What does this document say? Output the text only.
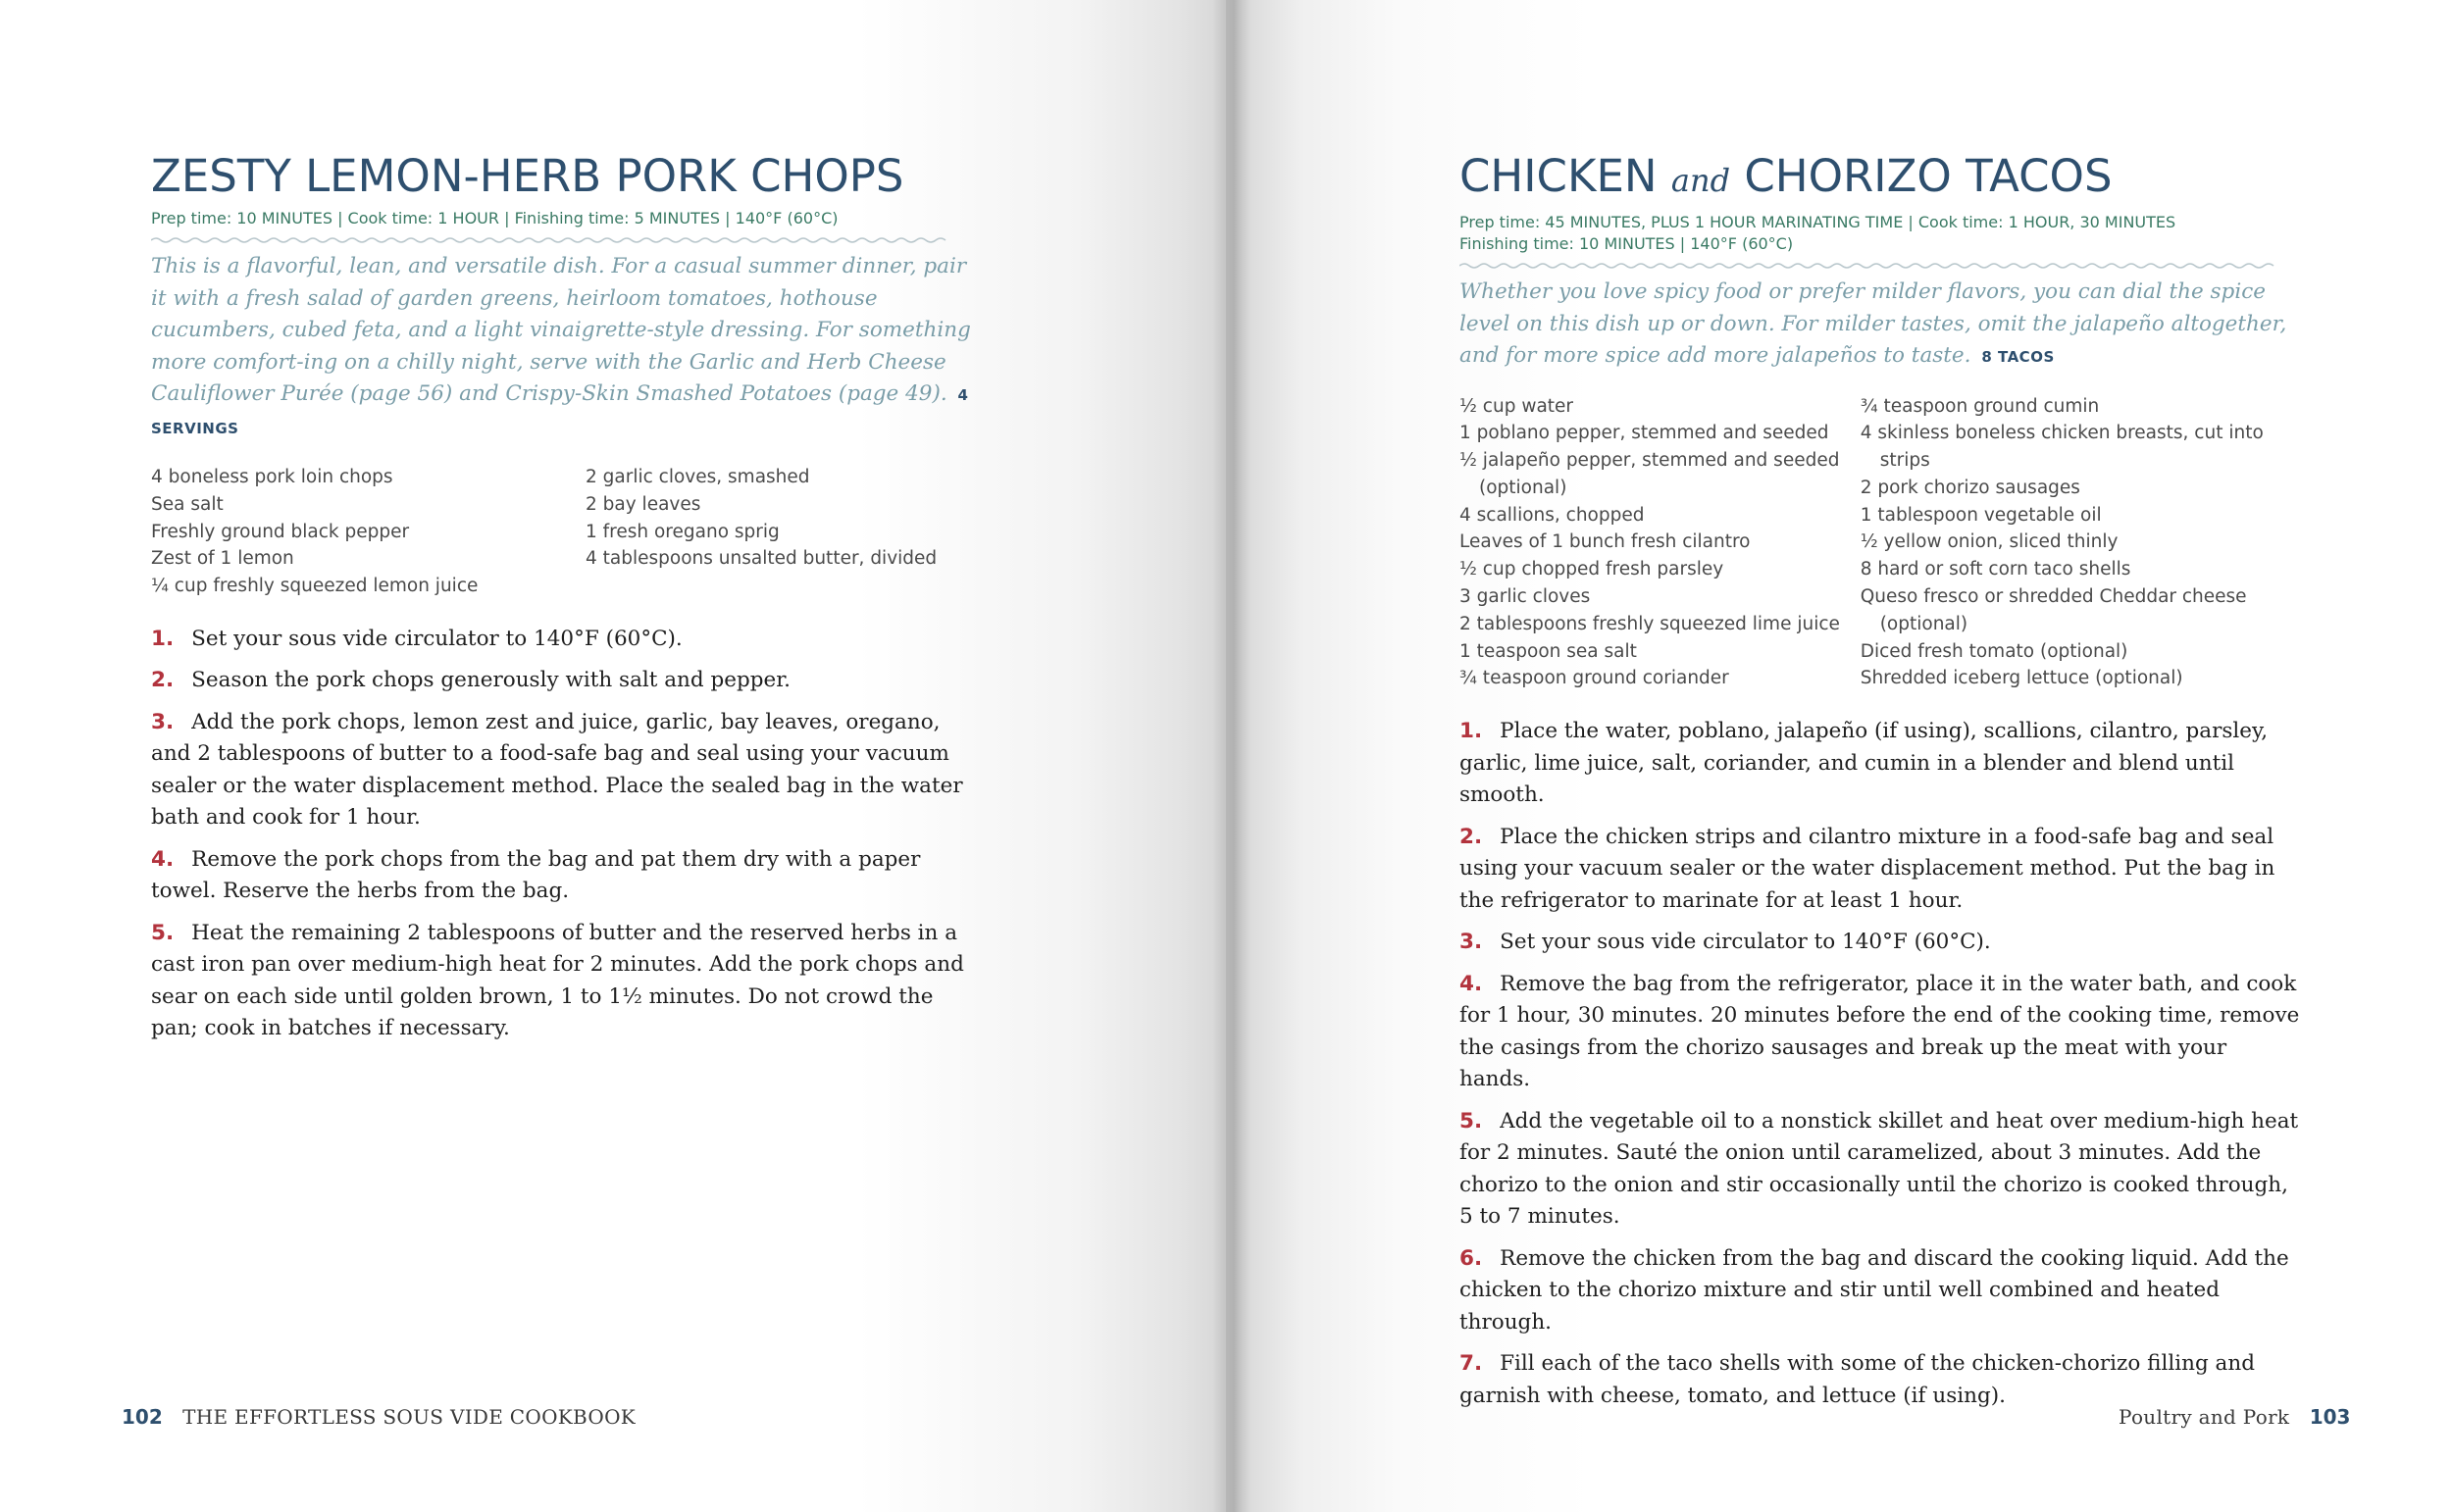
ZESTY LEMON-HERB PORK CHOPS
Prep time: 10 MINUTES | Cook time: 1 HOUR | Finishing time: 5 MINUTES | 140°F (60°C)
This is a flavorful, lean, and versatile dish. For a casual summer dinner, pair it with a fresh salad of garden greens, heirloom tomatoes, hothouse cucumbers, cubed feta, and a light vinaigrette-style dressing. For something more comfort-ing on a chilly night, serve with the Garlic and Herb Cheese Cauliflower Purée (page 56) and Crispy-Skin Smashed Potatoes (page 49). 4 SERVINGS
4 boneless pork loin chops
Sea salt
Freshly ground black pepper
Zest of 1 lemon
¼ cup freshly squeezed lemon juice
2 garlic cloves, smashed
2 bay leaves
1 fresh oregano sprig
4 tablespoons unsalted butter, divided
1. Set your sous vide circulator to 140°F (60°C).
2. Season the pork chops generously with salt and pepper.
3. Add the pork chops, lemon zest and juice, garlic, bay leaves, oregano, and 2 tablespoons of butter to a food-safe bag and seal using your vacuum sealer or the water displacement method. Place the sealed bag in the water bath and cook for 1 hour.
4. Remove the pork chops from the bag and pat them dry with a paper towel. Reserve the herbs from the bag.
5. Heat the remaining 2 tablespoons of butter and the reserved herbs in a cast iron pan over medium-high heat for 2 minutes. Add the pork chops and sear on each side until golden brown, 1 to 1½ minutes. Do not crowd the pan; cook in batches if necessary.
102 THE EFFORTLESS SOUS VIDE COOKBOOK
CHICKEN and CHORIZO TACOS
Prep time: 45 MINUTES, PLUS 1 HOUR MARINATING TIME | Cook time: 1 HOUR, 30 MINUTES
Finishing time: 10 MINUTES | 140°F (60°C)
Whether you love spicy food or prefer milder flavors, you can dial the spice level on this dish up or down. For milder tastes, omit the jalapeño altogether, and for more spice add more jalapeños to taste. 8 TACOS
½ cup water
1 poblano pepper, stemmed and seeded
½ jalapeño pepper, stemmed and seeded (optional)
4 scallions, chopped
Leaves of 1 bunch fresh cilantro
½ cup chopped fresh parsley
3 garlic cloves
2 tablespoons freshly squeezed lime juice
1 teaspoon sea salt
¾ teaspoon ground coriander
¾ teaspoon ground cumin
4 skinless boneless chicken breasts, cut into strips
2 pork chorizo sausages
1 tablespoon vegetable oil
½ yellow onion, sliced thinly
8 hard or soft corn taco shells
Queso fresco or shredded Cheddar cheese (optional)
Diced fresh tomato (optional)
Shredded iceberg lettuce (optional)
1. Place the water, poblano, jalapeño (if using), scallions, cilantro, parsley, garlic, lime juice, salt, coriander, and cumin in a blender and blend until smooth.
2. Place the chicken strips and cilantro mixture in a food-safe bag and seal using your vacuum sealer or the water displacement method. Put the bag in the refrigerator to marinate for at least 1 hour.
3. Set your sous vide circulator to 140°F (60°C).
4. Remove the bag from the refrigerator, place it in the water bath, and cook for 1 hour, 30 minutes. 20 minutes before the end of the cooking time, remove the casings from the chorizo sausages and break up the meat with your hands.
5. Add the vegetable oil to a nonstick skillet and heat over medium-high heat for 2 minutes. Sauté the onion until caramelized, about 3 minutes. Add the chorizo to the onion and stir occasionally until the chorizo is cooked through, 5 to 7 minutes.
6. Remove the chicken from the bag and discard the cooking liquid. Add the chicken to the chorizo mixture and stir until well combined and heated through.
7. Fill each of the taco shells with some of the chicken-chorizo filling and garnish with cheese, tomato, and lettuce (if using).
Poultry and Pork 103
